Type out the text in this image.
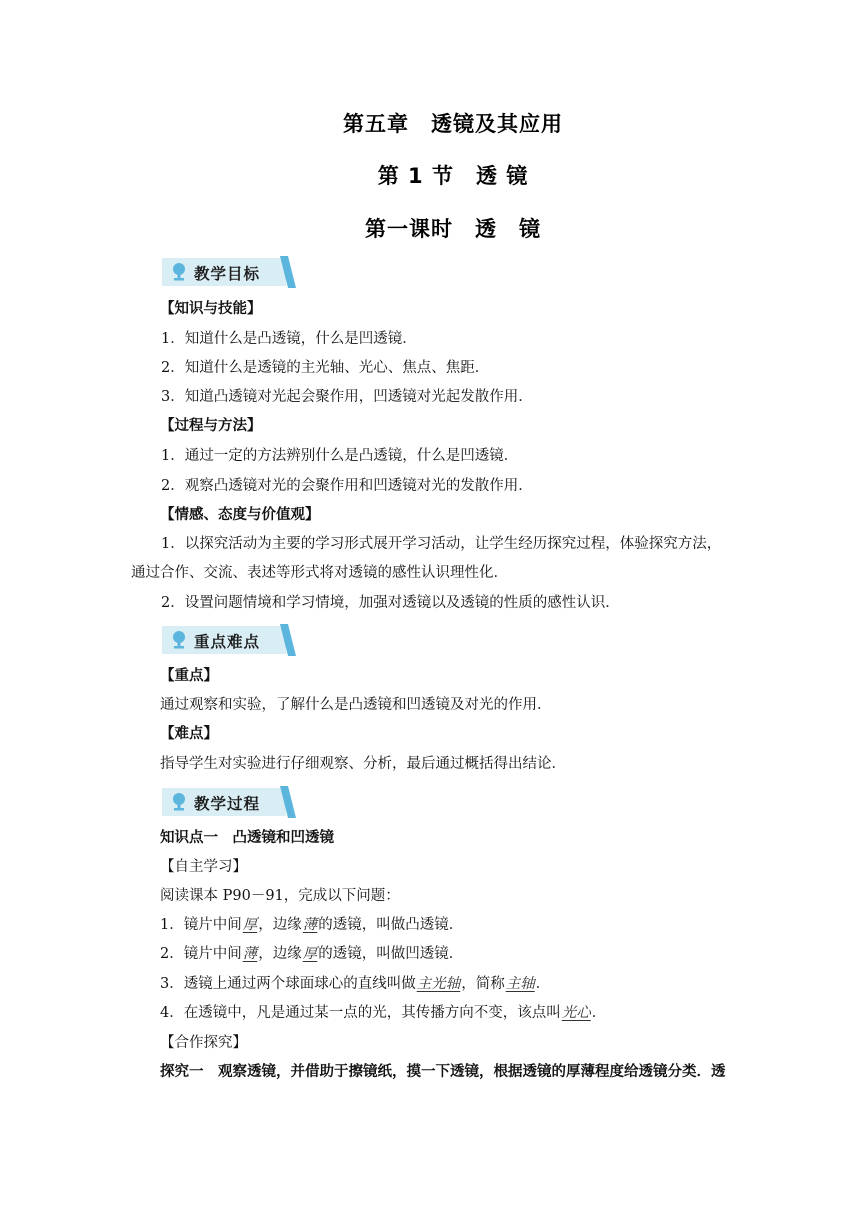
第五章　透镜及其应用
第 1 节　透 镜
第一课时　透　镜
教学目标
【知识与技能】
1．知道什么是凸透镜，什么是凹透镜．
2．知道什么是透镜的主光轴、光心、焦点、焦距．
3．知道凸透镜对光起会聚作用，凹透镜对光起发散作用．
【过程与方法】
1．通过一定的方法辨别什么是凸透镜，什么是凹透镜．
2．观察凸透镜对光的会聚作用和凹透镜对光的发散作用．
【情感、态度与价值观】
1．以探究活动为主要的学习形式展开学习活动，让学生经历探究过程，体验探究方法，
通过合作、交流、表述等形式将对透镜的感性认识理性化．
2．设置问题情境和学习情境，加强对透镜以及透镜的性质的感性认识．
重点难点
【重点】
通过观察和实验，了解什么是凸透镜和凹透镜及对光的作用．
【难点】
指导学生对实验进行仔细观察、分析，最后通过概括得出结论．
教学过程
知识点一　凸透镜和凹透镜
【自主学习】
阅读课本 P90－91，完成以下问题：
1．镜片中间厚，边缘薄的透镜，叫做凸透镜．
2．镜片中间薄，边缘厚的透镜，叫做凹透镜．
3．透镜上通过两个球面球心的直线叫做主光轴，简称主轴．
4．在透镜中，凡是通过某一点的光，其传播方向不变，该点叫光心．
【合作探究】
探究一　观察透镜，并借助于擦镜纸，摸一下透镜，根据透镜的厚薄程度给透镜分类．透
